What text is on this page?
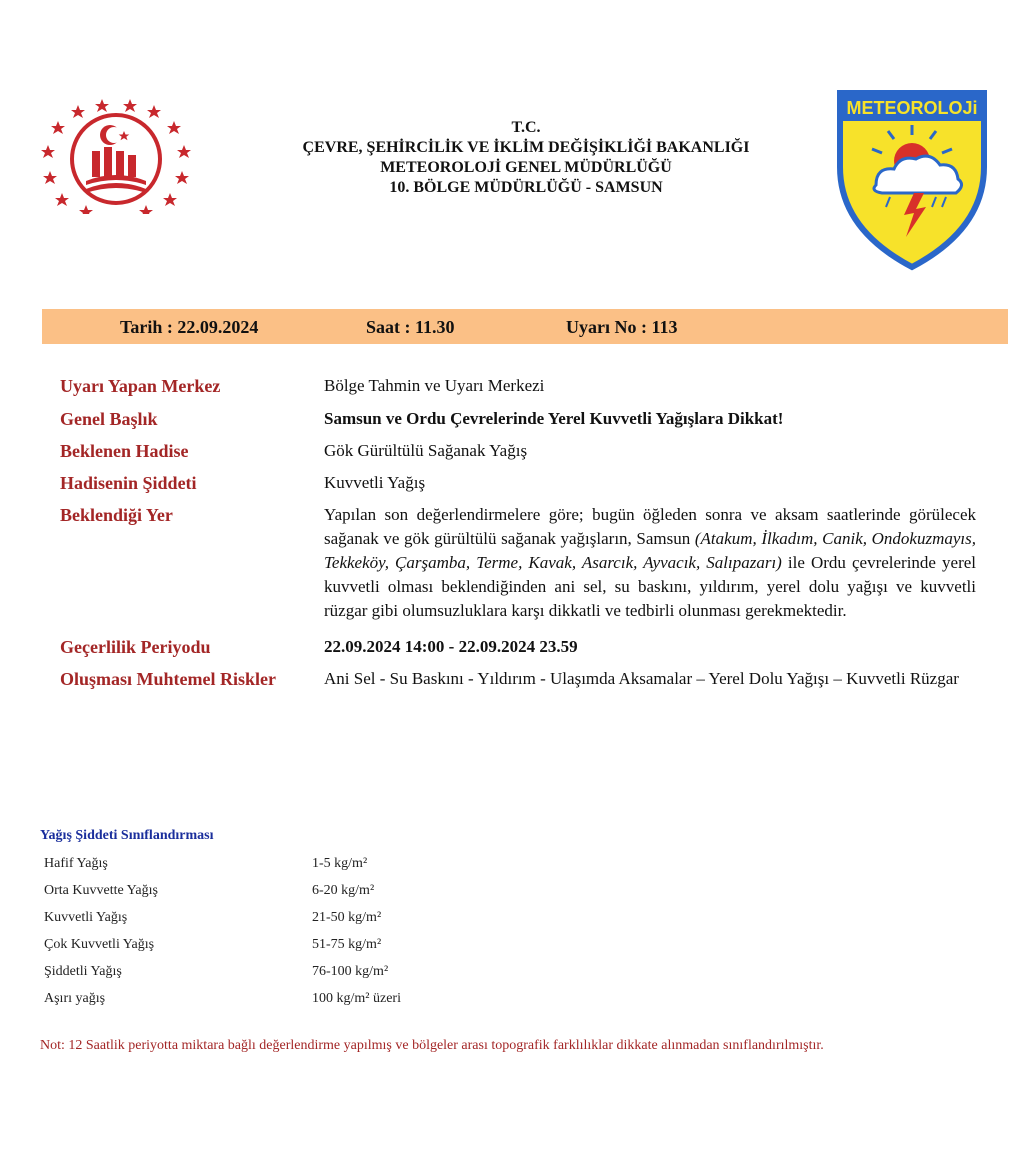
METEOROLOJi
T.C.
ÇEVRE, ŞEHİRCİLİK VE İKLİM DEĞİŞİKLİĞİ BAKANLIĞI
METEOROLOJİ GENEL MÜDÜRLÜĞÜ
10. BÖLGE MÜDÜRLÜĞÜ - SAMSUN
Tarih : 22.09.2024	Saat : 11.30	Uyarı No : 113
Uyarı Yapan Merkez	Bölge Tahmin ve Uyarı Merkezi
Genel Başlık	Samsun ve Ordu Çevrelerinde Yerel Kuvvetli Yağışlara Dikkat!
Beklenen Hadise	Gök Gürültülü Sağanak Yağış
Hadisenin Şiddeti	Kuvvetli Yağış
Beklendiği Yer	Yapılan son değerlendirmelere göre; bugün öğleden sonra ve aksam saatlerinde görülecek sağanak ve gök gürültülü sağanak yağışların, Samsun (Atakum, İlkadım, Canik, Ondokuzmayıs, Tekkeköy, Çarşamba, Terme, Kavak, Asarcık, Ayvacık, Salıpazarı) ile Ordu çevrelerinde yerel kuvvetli olması beklendiğinden ani sel, su baskını, yıldırım, yerel dolu yağışı ve kuvvetli rüzgar gibi olumsuzluklara karşı dikkatli ve tedbirli olunması gerekmektedir.
Geçerlilik Periyodu	22.09.2024 14:00 - 22.09.2024 23.59
Oluşması Muhtemel Riskler	Ani Sel - Su Baskını - Yıldırım - Ulaşımda Aksamalar – Yerel Dolu Yağışı – Kuvvetli Rüzgar
Yağış Şiddeti Sınıflandırması
Hafif Yağış	1-5 kg/m²
Orta Kuvvette Yağış	6-20 kg/m²
Kuvvetli Yağış	21-50 kg/m²
Çok Kuvvetli Yağış	51-75 kg/m²
Şiddetli Yağış	76-100 kg/m²
Aşırı yağış	100 kg/m² üzeri
Not: 12 Saatlik periyotta miktara bağlı değerlendirme yapılmış ve bölgeler arası topografik farklılıklar dikkate alınmadan sınıflandırılmıştır.
